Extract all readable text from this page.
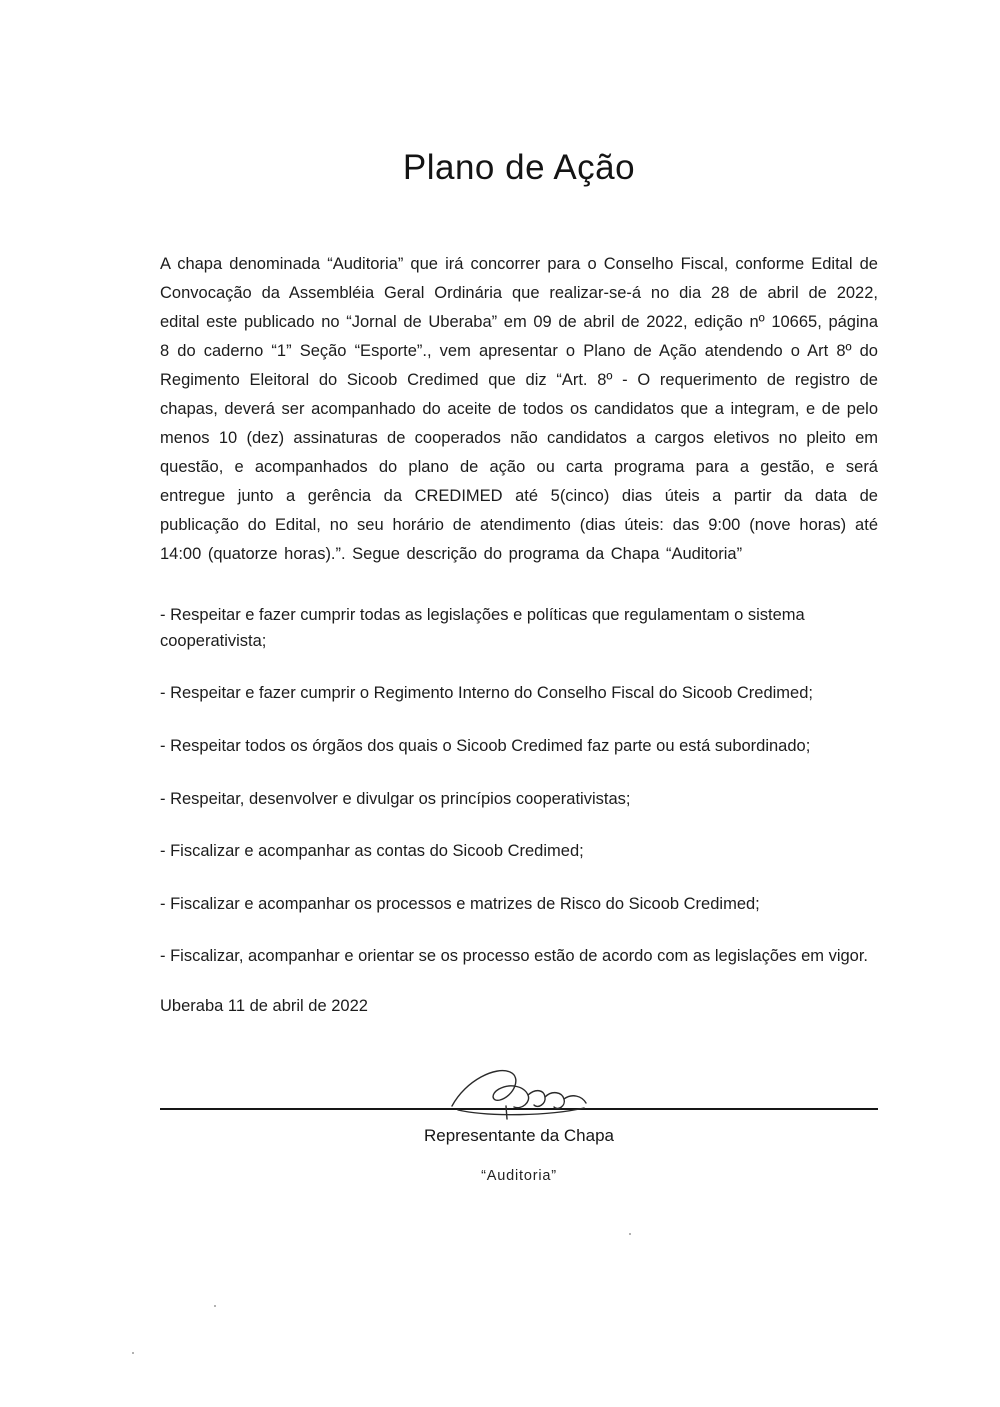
Plano de Ação

A chapa denominada “Auditoria” que irá concorrer para o Conselho Fiscal, conforme Edital de Convocação da Assembléia Geral Ordinária que realizar-se-á no dia 28 de abril de 2022, edital este publicado no “Jornal de Uberaba” em 09 de abril de 2022, edição nº 10665, página 8 do caderno “1” Seção “Esporte”., vem apresentar o Plano de Ação atendendo o Art 8º do Regimento Eleitoral do Sicoob Credimed que diz “Art. 8º - O requerimento de registro de chapas, deverá ser acompanhado do aceite de todos os candidatos que a integram, e de pelo menos 10 (dez) assinaturas de cooperados não candidatos a cargos eletivos no pleito em questão, e acompanhados do plano de ação ou carta programa para a gestão, e será entregue junto a gerência da CREDIMED até 5(cinco) dias úteis a partir da data de publicação do Edital, no seu horário de atendimento (dias úteis: das 9:00 (nove horas) até 14:00 (quatorze horas).”. Segue descrição do programa da Chapa “Auditoria”

- Respeitar e fazer cumprir todas as legislações e políticas que regulamentam o sistema cooperativista;

- Respeitar e fazer cumprir o Regimento Interno do Conselho Fiscal do Sicoob Credimed;

- Respeitar todos os órgãos dos quais o Sicoob Credimed faz parte ou está subordinado;

- Respeitar, desenvolver e divulgar os princípios cooperativistas;

- Fiscalizar e acompanhar as contas do Sicoob Credimed;

- Fiscalizar e acompanhar os processos e matrizes de Risco do Sicoob Credimed;

- Fiscalizar, acompanhar e orientar se os processo estão de acordo com as legislações em vigor.

Uberaba 11 de abril de 2022

Representante da Chapa
“Auditoria”
